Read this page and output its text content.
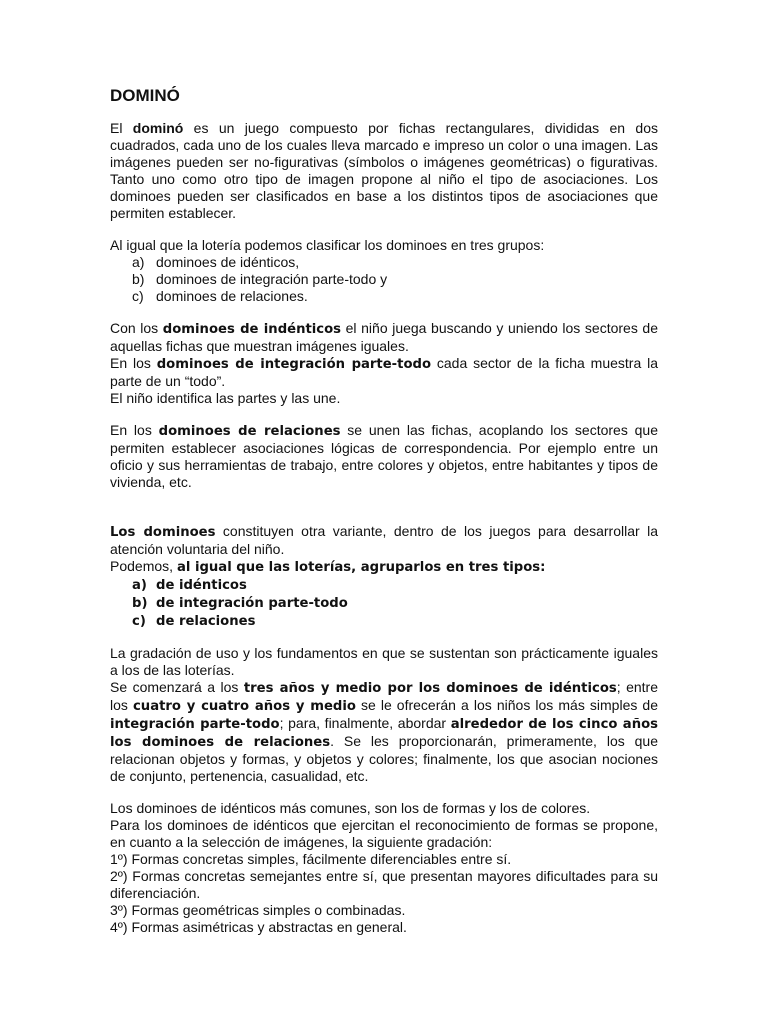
DOMINÓ

El dominó es un juego compuesto por fichas rectangulares, divididas en dos cuadrados, cada uno de los cuales lleva marcado e impreso un color o una imagen. Las imágenes pueden ser no-figurativas (símbolos o imágenes geométricas) o figurativas. Tanto uno como otro tipo de imagen propone al niño el tipo de asociaciones. Los dominoes pueden ser clasificados en base a los distintos tipos de asociaciones que permiten establecer.

Al igual que la lotería podemos clasificar los dominoes en tres grupos:

a) dominoes de idénticos,
b) dominoes de integración parte-todo y
c) dominoes de relaciones.

Con los dominoes de indénticos el niño juega buscando y uniendo los sectores de aquellas fichas que muestran imágenes iguales.

En los dominoes de integración parte-todo cada sector de la ficha muestra la parte de un “todo”.

El niño identifica las partes y las une.

En los dominoes de relaciones se unen las fichas, acoplando los sectores que permiten establecer asociaciones lógicas de correspondencia. Por ejemplo entre un oficio y sus herramientas de trabajo, entre colores y objetos, entre habitantes y tipos de vivienda, etc.

Los dominoes constituyen otra variante, dentro de los juegos para desarrollar la atención voluntaria del niño.

Podemos, al igual que las loterías, agruparlos en tres tipos:

a) de idénticos
b) de integración parte-todo
c) de relaciones

La gradación de uso y los fundamentos en que se sustentan son prácticamente iguales a los de las loterías.

Se comenzará a los tres años y medio por los dominoes de idénticos; entre los cuatro y cuatro años y medio se le ofrecerán a los niños los más simples de integración parte-todo; para, finalmente, abordar alrededor de los cinco años los dominoes de relaciones. Se les proporcionarán, primeramente, los que relacionan objetos y formas, y objetos y colores; finalmente, los que asocian nociones de conjunto, pertenencia, casualidad, etc.

Los dominoes de idénticos más comunes, son los de formas y los de colores.

Para los dominoes de idénticos que ejercitan el reconocimiento de formas se propone, en cuanto a la selección de imágenes, la siguiente gradación:

1º) Formas concretas simples, fácilmente diferenciables entre sí.

2º) Formas concretas semejantes entre sí, que presentan mayores dificultades para su diferenciación.

3º) Formas geométricas simples o combinadas.

4º) Formas asimétricas y abstractas en general.
